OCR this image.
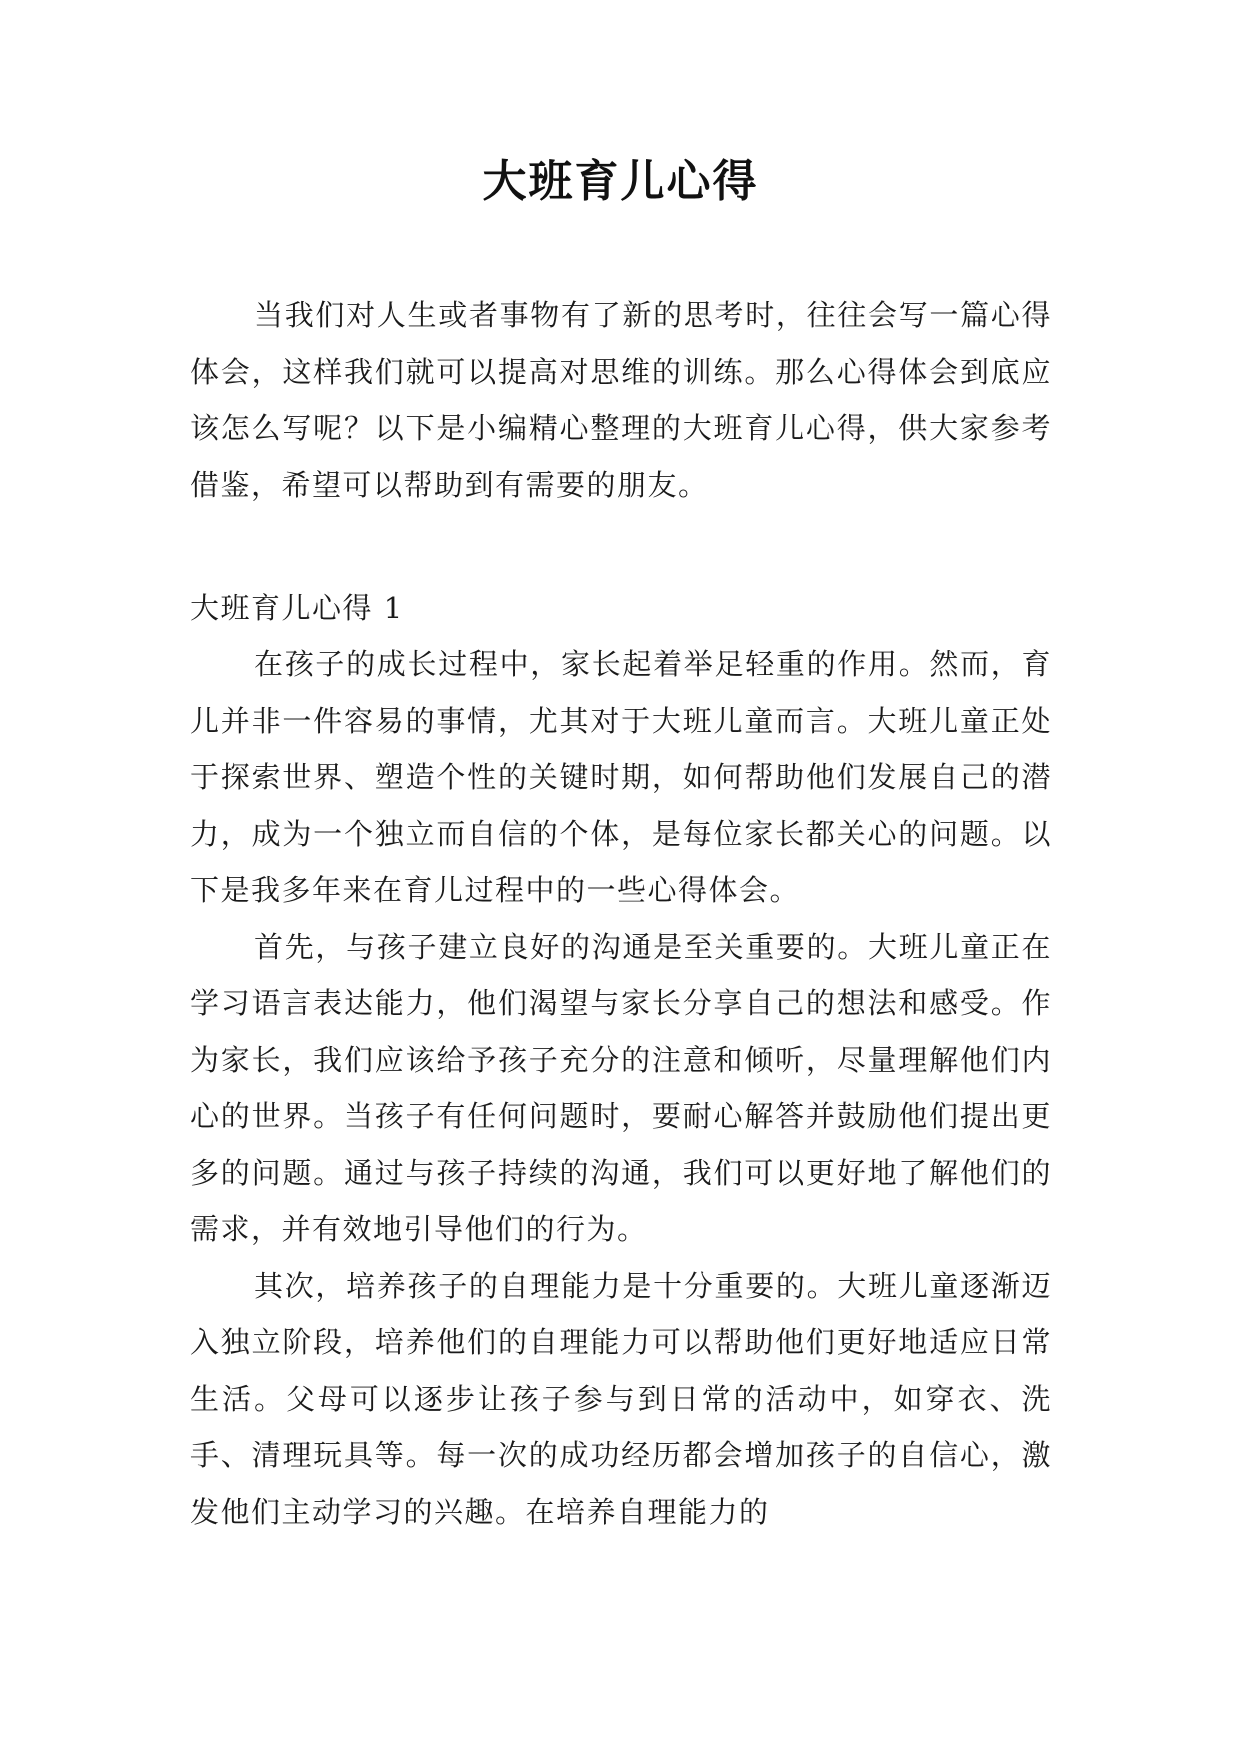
大班育儿心得

当我们对人生或者事物有了新的思考时，往往会写一篇心得体会，这样我们就可以提高对思维的训练。那么心得体会到底应该怎么写呢？以下是小编精心整理的大班育儿心得，供大家参考借鉴，希望可以帮助到有需要的朋友。

大班育儿心得 1

在孩子的成长过程中，家长起着举足轻重的作用。然而，育儿并非一件容易的事情，尤其对于大班儿童而言。大班儿童正处于探索世界、塑造个性的关键时期，如何帮助他们发展自己的潜力，成为一个独立而自信的个体，是每位家长都关心的问题。以下是我多年来在育儿过程中的一些心得体会。

首先，与孩子建立良好的沟通是至关重要的。大班儿童正在学习语言表达能力，他们渴望与家长分享自己的想法和感受。作为家长，我们应该给予孩子充分的注意和倾听，尽量理解他们内心的世界。当孩子有任何问题时，要耐心解答并鼓励他们提出更多的问题。通过与孩子持续的沟通，我们可以更好地了解他们的需求，并有效地引导他们的行为。

其次，培养孩子的自理能力是十分重要的。大班儿童逐渐迈入独立阶段，培养他们的自理能力可以帮助他们更好地适应日常生活。父母可以逐步让孩子参与到日常的活动中，如穿衣、洗手、清理玩具等。每一次的成功经历都会增加孩子的自信心，激发他们主动学习的兴趣。在培养自理能力的
